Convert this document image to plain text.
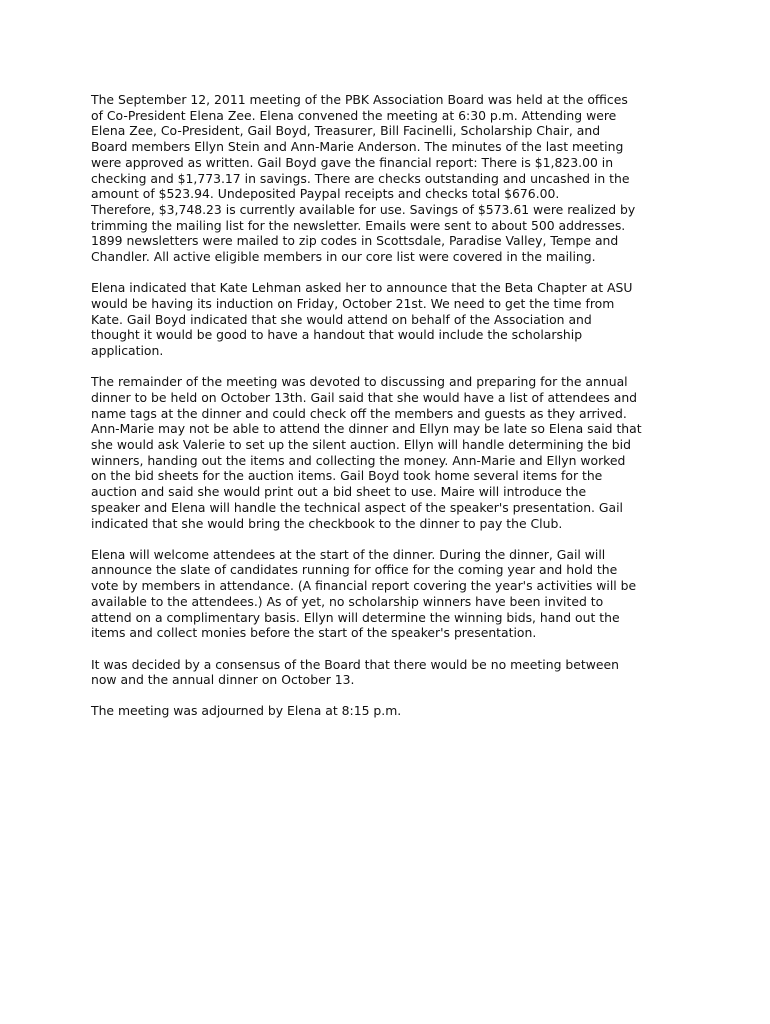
The September 12, 2011 meeting of the PBK Association Board was held at the offices
of Co-President Elena Zee. Elena convened the meeting at 6:30 p.m. Attending were
Elena Zee, Co-President, Gail Boyd, Treasurer, Bill Facinelli, Scholarship Chair, and
Board members Ellyn Stein and Ann-Marie Anderson. The minutes of the last meeting
were approved as written. Gail Boyd gave the financial report: There is $1,823.00 in
checking and $1,773.17 in savings. There are checks outstanding and uncashed in the
amount of $523.94. Undeposited Paypal receipts and checks total $676.00.
Therefore, $3,748.23 is currently available for use. Savings of $573.61 were realized by
trimming the mailing list for the newsletter. Emails were sent to about 500 addresses.
1899 newsletters were mailed to zip codes in Scottsdale, Paradise Valley, Tempe and
Chandler. All active eligible members in our core list were covered in the mailing.

Elena indicated that Kate Lehman asked her to announce that the Beta Chapter at ASU
would be having its induction on Friday, October 21st. We need to get the time from
Kate. Gail Boyd indicated that she would attend on behalf of the Association and
thought it would be good to have a handout that would include the scholarship
application.

The remainder of the meeting was devoted to discussing and preparing for the annual
dinner to be held on October 13th. Gail said that she would have a list of attendees and
name tags at the dinner and could check off the members and guests as they arrived.
Ann-Marie may not be able to attend the dinner and Ellyn may be late so Elena said that
she would ask Valerie to set up the silent auction. Ellyn will handle determining the bid
winners, handing out the items and collecting the money. Ann-Marie and Ellyn worked
on the bid sheets for the auction items. Gail Boyd took home several items for the
auction and said she would print out a bid sheet to use. Maire will introduce the
speaker and Elena will handle the technical aspect of the speaker's presentation. Gail
indicated that she would bring the checkbook to the dinner to pay the Club.

Elena will welcome attendees at the start of the dinner. During the dinner, Gail will
announce the slate of candidates running for office for the coming year and hold the
vote by members in attendance. (A financial report covering the year's activities will be
available to the attendees.) As of yet, no scholarship winners have been invited to
attend on a complimentary basis. Ellyn will determine the winning bids, hand out the
items and collect monies before the start of the speaker's presentation.

It was decided by a consensus of the Board that there would be no meeting between
now and the annual dinner on October 13.

The meeting was adjourned by Elena at 8:15 p.m.
